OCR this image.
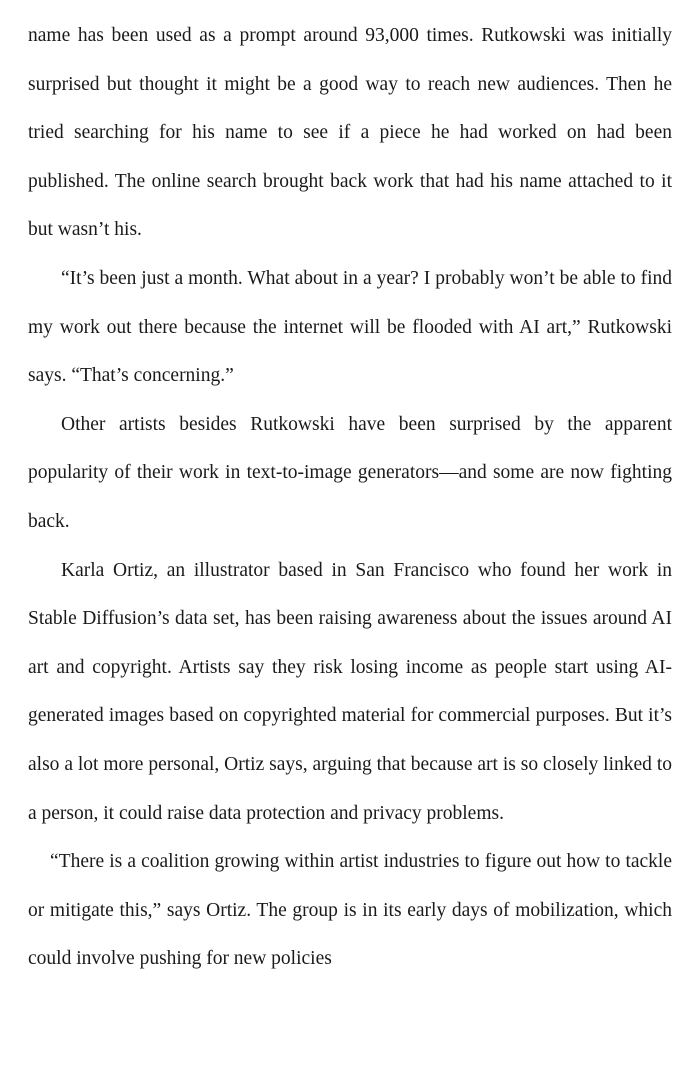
name has been used as a prompt around 93,000 times. Rutkowski was initially surprised but thought it might be a good way to reach new audiences. Then he tried searching for his name to see if a piece he had worked on had been published. The online search brought back work that had his name attached to it but wasn’t his.

“It’s been just a month. What about in a year? I probably won’t be able to find my work out there because the internet will be flooded with AI art,” Rutkowski says. “That’s concerning.”

Other artists besides Rutkowski have been surprised by the apparent popularity of their work in text-to-image generators—and some are now fighting back.

Karla Ortiz, an illustrator based in San Francisco who found her work in Stable Diffusion’s data set, has been raising awareness about the issues around AI art and copyright. Artists say they risk losing income as people start using AI-generated images based on copyrighted material for commercial purposes. But it’s also a lot more personal, Ortiz says, arguing that because art is so closely linked to a person, it could raise data protection and privacy problems.

“There is a coalition growing within artist industries to figure out how to tackle or mitigate this,” says Ortiz. The group is in its early days of mobilization, which could involve pushing for new policies
